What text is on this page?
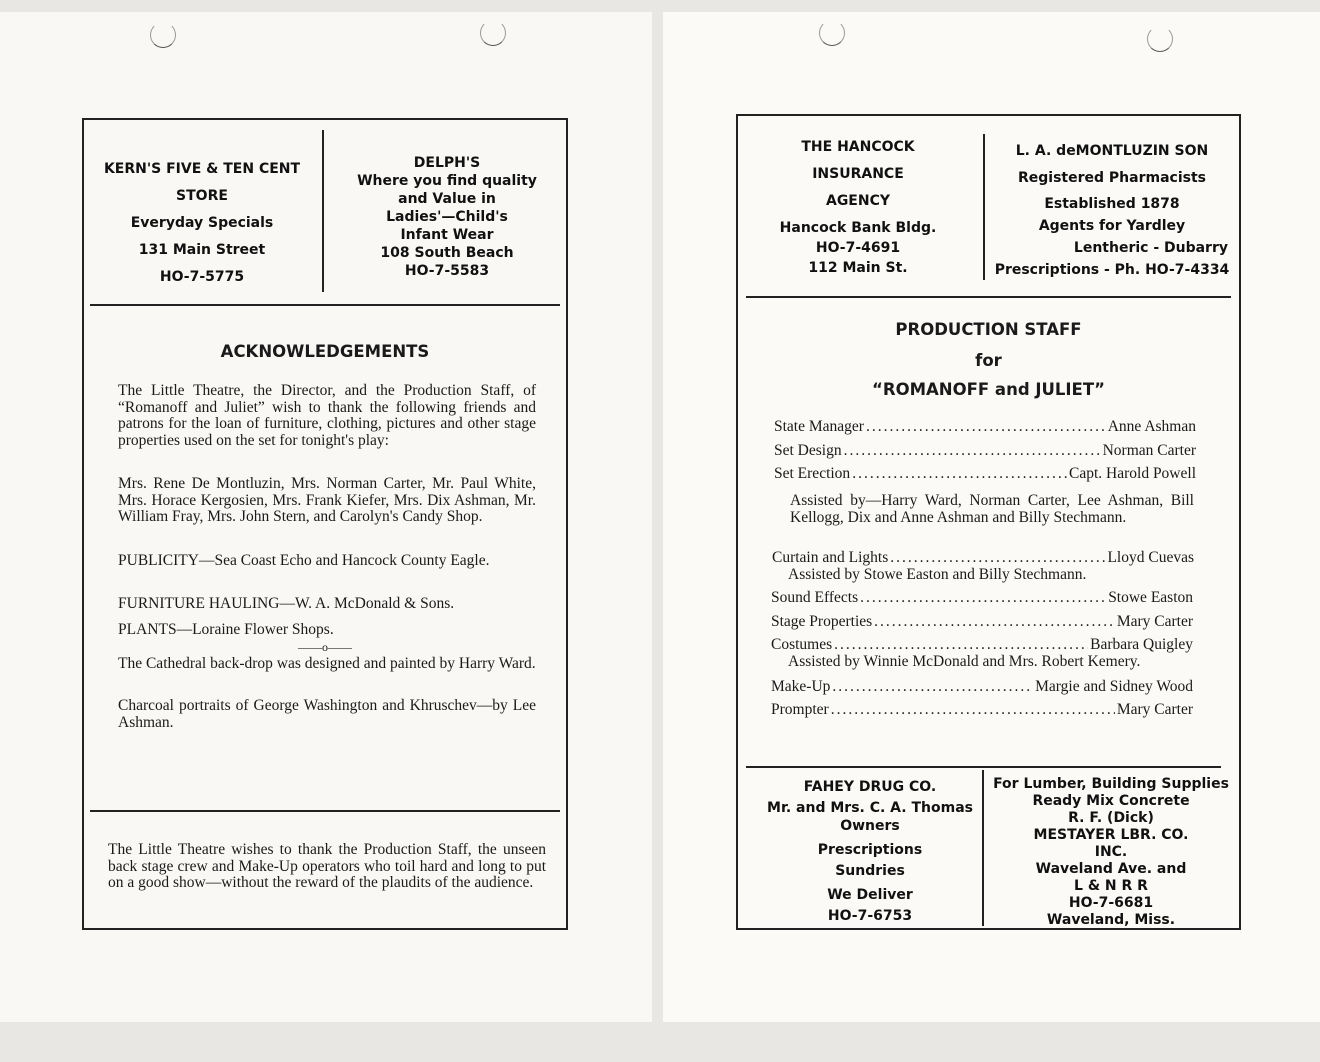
KERN'S FIVE & TEN CENT
STORE
Everyday Specials
131 Main Street
HO-7-5775
DELPH'S
Where you find quality
and Value in
Ladies'—Child's
Infant Wear
108 South Beach
HO-7-5583
ACKNOWLEDGEMENTS
The Little Theatre, the Director, and the Production Staff, of “Romanoff and Juliet” wish to thank the following friends and patrons for the loan of furniture, clothing, pictures and other stage properties used on the set for tonight's play:
Mrs. Rene De Montluzin, Mrs. Norman Carter, Mr. Paul White, Mrs. Horace Kergosien, Mrs. Frank Kiefer, Mrs. Dix Ashman, Mr. William Fray, Mrs. John Stern, and Carolyn's Candy Shop.
PUBLICITY—Sea Coast Echo and Hancock County Eagle.
FURNITURE HAULING—W. A. McDonald & Sons.
PLANTS—Loraine Flower Shops.
——o——
The Cathedral back-drop was designed and painted by Harry Ward.
Charcoal portraits of George Washington and Khruschev—by Lee Ashman.
The Little Theatre wishes to thank the Production Staff, the unseen back stage crew and Make-Up operators who toil hard and long to put on a good show—without the reward of the plaudits of the audience.
THE HANCOCK
INSURANCE
AGENCY
Hancock Bank Bldg.
HO-7-4691
112 Main St.
L. A. deMONTLUZIN SON
Registered Pharmacists
Established 1878
Agents for Yardley
Lentheric - Dubarry
Prescriptions - Ph. HO-7-4334
PRODUCTION STAFF
for
“ROMANOFF and JULIET”
State Manager .....	Anne Ashman
Set Design .....	Norman Carter
Set Erection .....	Capt. Harold Powell
Assisted by—Harry Ward, Norman Carter, Lee Ashman, Bill Kellogg, Dix and Anne Ashman and Billy Stechmann.
Curtain and Lights .....	Lloyd Cuevas
Assisted by Stowe Easton and Billy Stechmann.
Sound Effects .....	Stowe Easton
Stage Properties .....	Mary Carter
Costumes .....	Barbara Quigley
Assisted by Winnie McDonald and Mrs. Robert Kemery.
Make-Up .....	Margie and Sidney Wood
Prompter .....	Mary Carter
FAHEY DRUG CO.
Mr. and Mrs. C. A. Thomas
Owners
Prescriptions
Sundries
We Deliver
HO-7-6753
For Lumber, Building Supplies
Ready Mix Concrete
R. F. (Dick)
MESTAYER LBR. CO.
INC.
Waveland Ave. and
L & N R R
HO-7-6681
Waveland, Miss.
